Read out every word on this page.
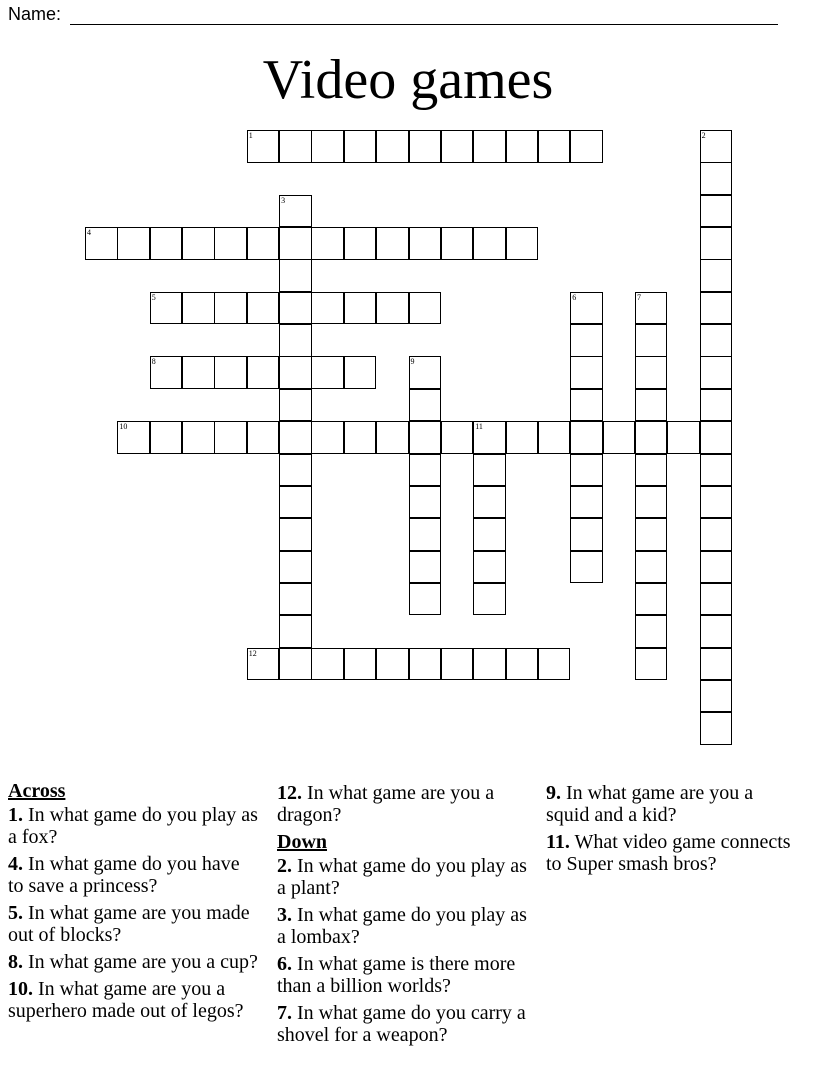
Name:
Video games
1
4
5
8
10	11
12
2
3
6	7
9
Across
1. In what game do you play as a fox?
4. In what game do you have to save a princess?
5. In what game are you made out of blocks?
8. In what game are you a cup?
10. In what game are you a superhero made out of legos?
12. In what game are you a dragon?
Down
2. In what game do you play as a plant?
3. In what game do you play as a lombax?
6. In what game is there more than a billion worlds?
7. In what game do you carry a shovel for a weapon?
9. In what game are you a squid and a kid?
11. What video game connects to Super smash bros?
